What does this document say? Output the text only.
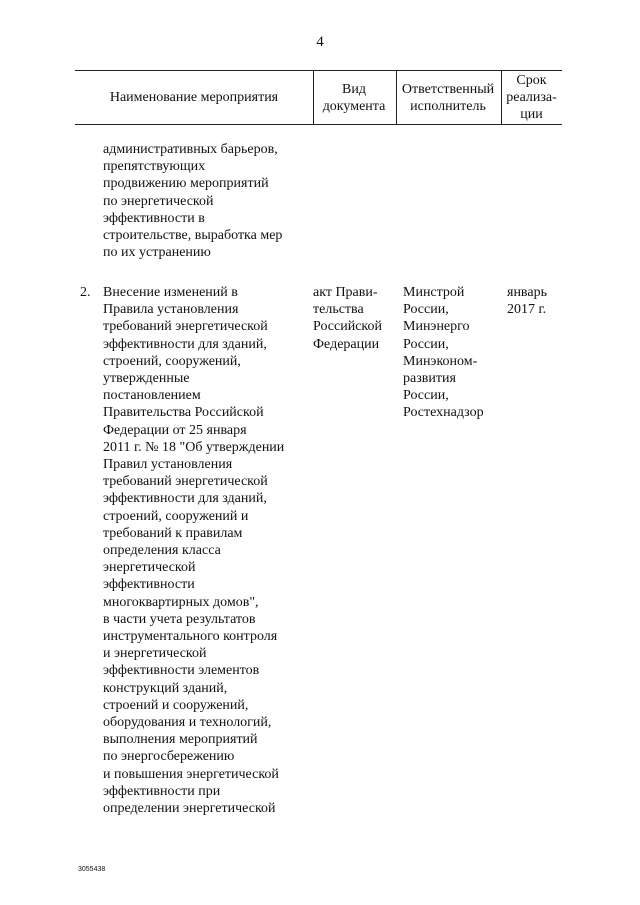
4
Наименование мероприятия
Вид
документа
Ответственный
исполнитель
Срок
реализа-
ции
административных барьеров,
препятствующих
продвижению мероприятий
по энергетической
эффективности в
строительстве, выработка мер
по их устранению
2. Внесение изменений в
Правила установления
требований энергетической
эффективности для зданий,
строений, сооружений,
утвержденные
постановлением
Правительства Российской
Федерации от 25 января
2011 г. № 18 "Об утверждении
Правил установления
требований энергетической
эффективности для зданий,
строений, сооружений и
требований к правилам
определения класса
энергетической
эффективности
многоквартирных домов",
в части учета результатов
инструментального контроля
и энергетической
эффективности элементов
конструкций зданий,
строений и сооружений,
оборудования и технологий,
выполнения мероприятий
по энергосбережению
и повышения энергетической
эффективности при
определении энергетической
акт Прави-
тельства
Российской
Федерации
Минстрой
России,
Минэнерго
России,
Минэконом-
развития
России,
Ростехнадзор
январь
2017 г.
3055438
